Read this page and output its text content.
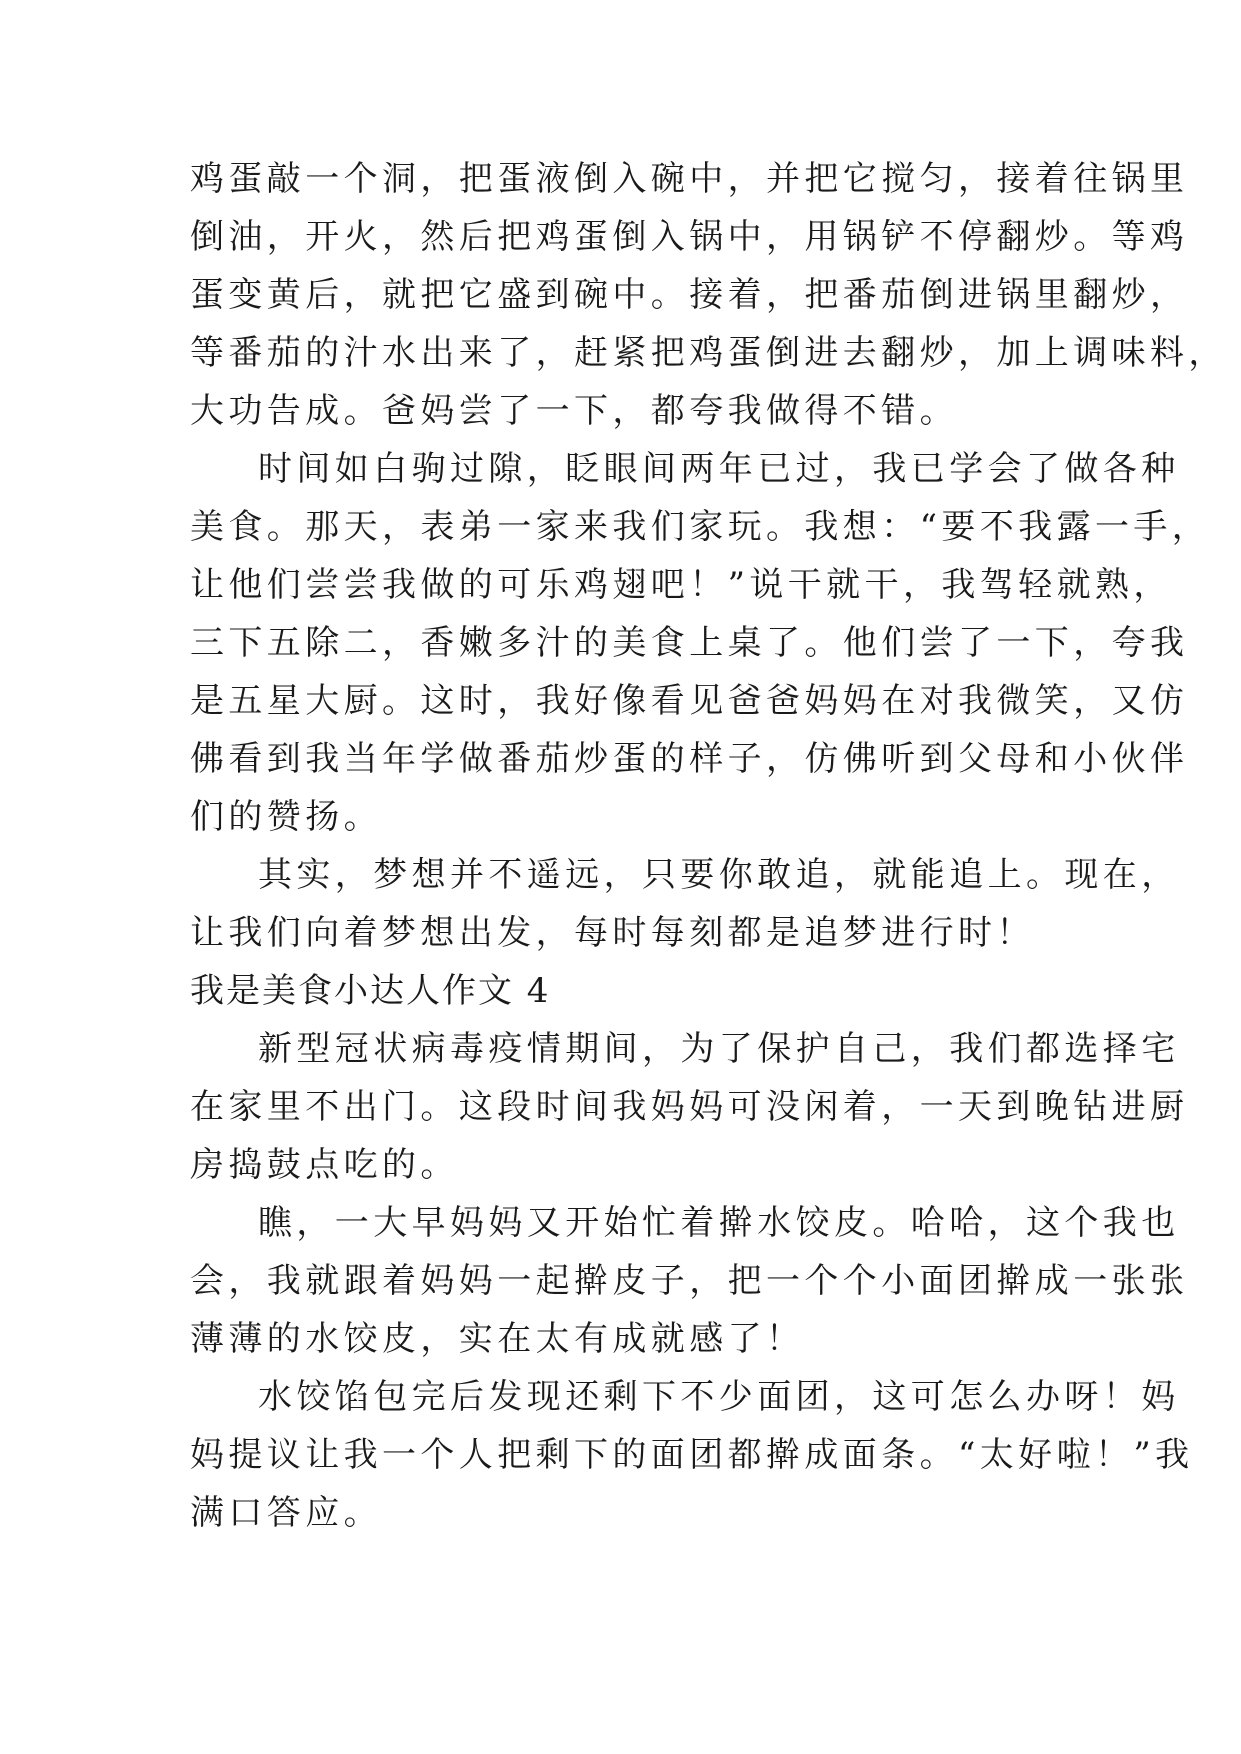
鸡蛋敲一个洞，把蛋液倒入碗中，并把它搅匀，接着往锅里
倒油，开火，然后把鸡蛋倒入锅中，用锅铲不停翻炒。等鸡
蛋变黄后，就把它盛到碗中。接着，把番茄倒进锅里翻炒，
等番茄的汁水出来了，赶紧把鸡蛋倒进去翻炒，加上调味料，
大功告成。爸妈尝了一下，都夸我做得不错。
时间如白驹过隙，眨眼间两年已过，我已学会了做各种
美食。那天，表弟一家来我们家玩。我想：“要不我露一手，
让他们尝尝我做的可乐鸡翅吧！”说干就干，我驾轻就熟，
三下五除二，香嫩多汁的美食上桌了。他们尝了一下，夸我
是五星大厨。这时，我好像看见爸爸妈妈在对我微笑，又仿
佛看到我当年学做番茄炒蛋的样子，仿佛听到父母和小伙伴
们的赞扬。
其实，梦想并不遥远，只要你敢追，就能追上。现在，
让我们向着梦想出发，每时每刻都是追梦进行时！
我是美食小达人作文 4
新型冠状病毒疫情期间，为了保护自己，我们都选择宅
在家里不出门。这段时间我妈妈可没闲着，一天到晚钻进厨
房捣鼓点吃的。
瞧，一大早妈妈又开始忙着擀水饺皮。哈哈，这个我也
会，我就跟着妈妈一起擀皮子，把一个个小面团擀成一张张
薄薄的水饺皮，实在太有成就感了！
水饺馅包完后发现还剩下不少面团，这可怎么办呀！妈
妈提议让我一个人把剩下的面团都擀成面条。“太好啦！”我
满口答应。
